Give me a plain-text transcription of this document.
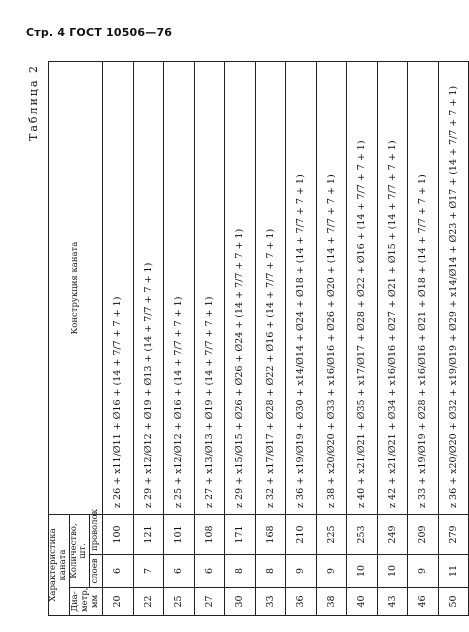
Стр. 4 ГОСТ 10506—76
Таблица 2
Характеристика каната			Конструкция каната
Диа- метр, мм	Количество, шт.		
	слоев	проволок	
20	6	100	z 26 + x11/Ø11 + Ø16 + (14 + 7/7 + 7 + 1)
22	7	121	z 29 + x12/Ø12 + Ø19 + Ø13 + (14 + 7/7 + 7 + 1)
25	6	101	z 25 + x12/Ø12 + Ø16 + (14 + 7/7 + 7 + 1)
27	6	108	z 27 + x13/Ø13 + Ø19 + (14 + 7/7 + 7 + 1)
30	8	171	z 29 + x15/Ø15 + Ø26 + Ø26 + Ø24 + (14 + 7/7 + 7 + 1)
33	8	168	z 32 + x17/Ø17 + Ø28 + Ø22 + Ø16 + (14 + 7/7 + 7 + 1)
36	9	210	z 36 + x19/Ø19 + Ø30 + x14/Ø14 + Ø24 + Ø18 + (14 + 7/7 + 7 + 1)
38	9	225	z 38 + x20/Ø20 + Ø33 + x16/Ø16 + Ø26 + Ø20 + (14 + 7/7 + 7 + 1)
40	10	253	z 40 + x21/Ø21 + Ø35 + x17/Ø17 + Ø28 + Ø22 + Ø16 + (14 + 7/7 + 7 + 1)
43	10	249	z 42 + x21/Ø21 + Ø34 + x16/Ø16 + Ø27 + Ø21 + Ø15 + (14 + 7/7 + 7 + 1)
46	9	209	z 33 + x19/Ø19 + Ø28 + x16/Ø16 + Ø21 + Ø18 + (14 + 7/7 + 7 + 1)
50	11	279	z 36 + x20/Ø20 + Ø32 + x19/Ø19 + Ø29 + x14/Ø14 + Ø23 + Ø17 + (14 + 7/7 + 7 + 1)
